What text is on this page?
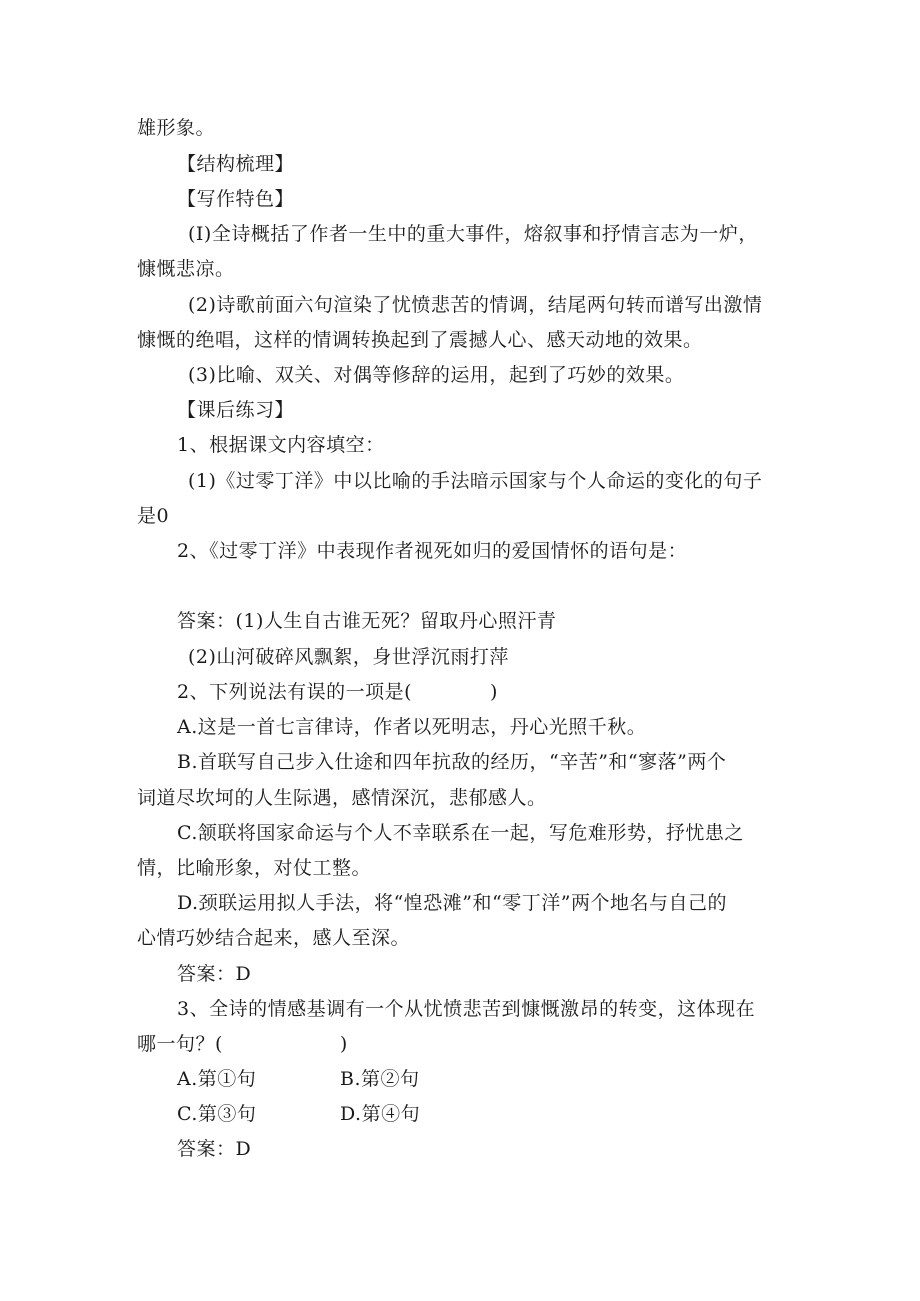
雄形象。
【结构梳理】
【写作特色】
(I)全诗概括了作者一生中的重大事件，熔叙事和抒情言志为一炉，
慷慨悲凉。
(2)诗歌前面六句渲染了忧愤悲苦的情调，结尾两句转而谱写出激情
慷慨的绝唱，这样的情调转换起到了震撼人心、感天动地的效果。
(3)比喻、双关、对偶等修辞的运用，起到了巧妙的效果。
【课后练习】
1、根据课文内容填空：
(1)《过零丁洋》中以比喻的手法暗示国家与个人命运的变化的句子
是0
2、《过零丁洋》中表现作者视死如归的爱国情怀的语句是：
答案：(1)人生自古谁无死？留取丹心照汗青
(2)山河破碎风飘絮，身世浮沉雨打萍
2、下列说法有误的一项是(　　　　)
A.这是一首七言律诗，作者以死明志，丹心光照千秋。
B.首联写自己步入仕途和四年抗敌的经历，“辛苦”和“寥落”两个
词道尽坎坷的人生际遇，感情深沉，悲郁感人。
C.颔联将国家命运与个人不幸联系在一起，写危难形势，抒忧患之
情，比喻形象，对仗工整。
D.颈联运用拟人手法，将“惶恐滩”和“零丁洋”两个地名与自己的
心情巧妙结合起来，感人至深。
答案：D
3、全诗的情感基调有一个从忧愤悲苦到慷慨激昂的转变，这体现在
哪一句？(　　　　　　)
A.第①句	B.第②句
C.第③句	D.第④句
答案：D
